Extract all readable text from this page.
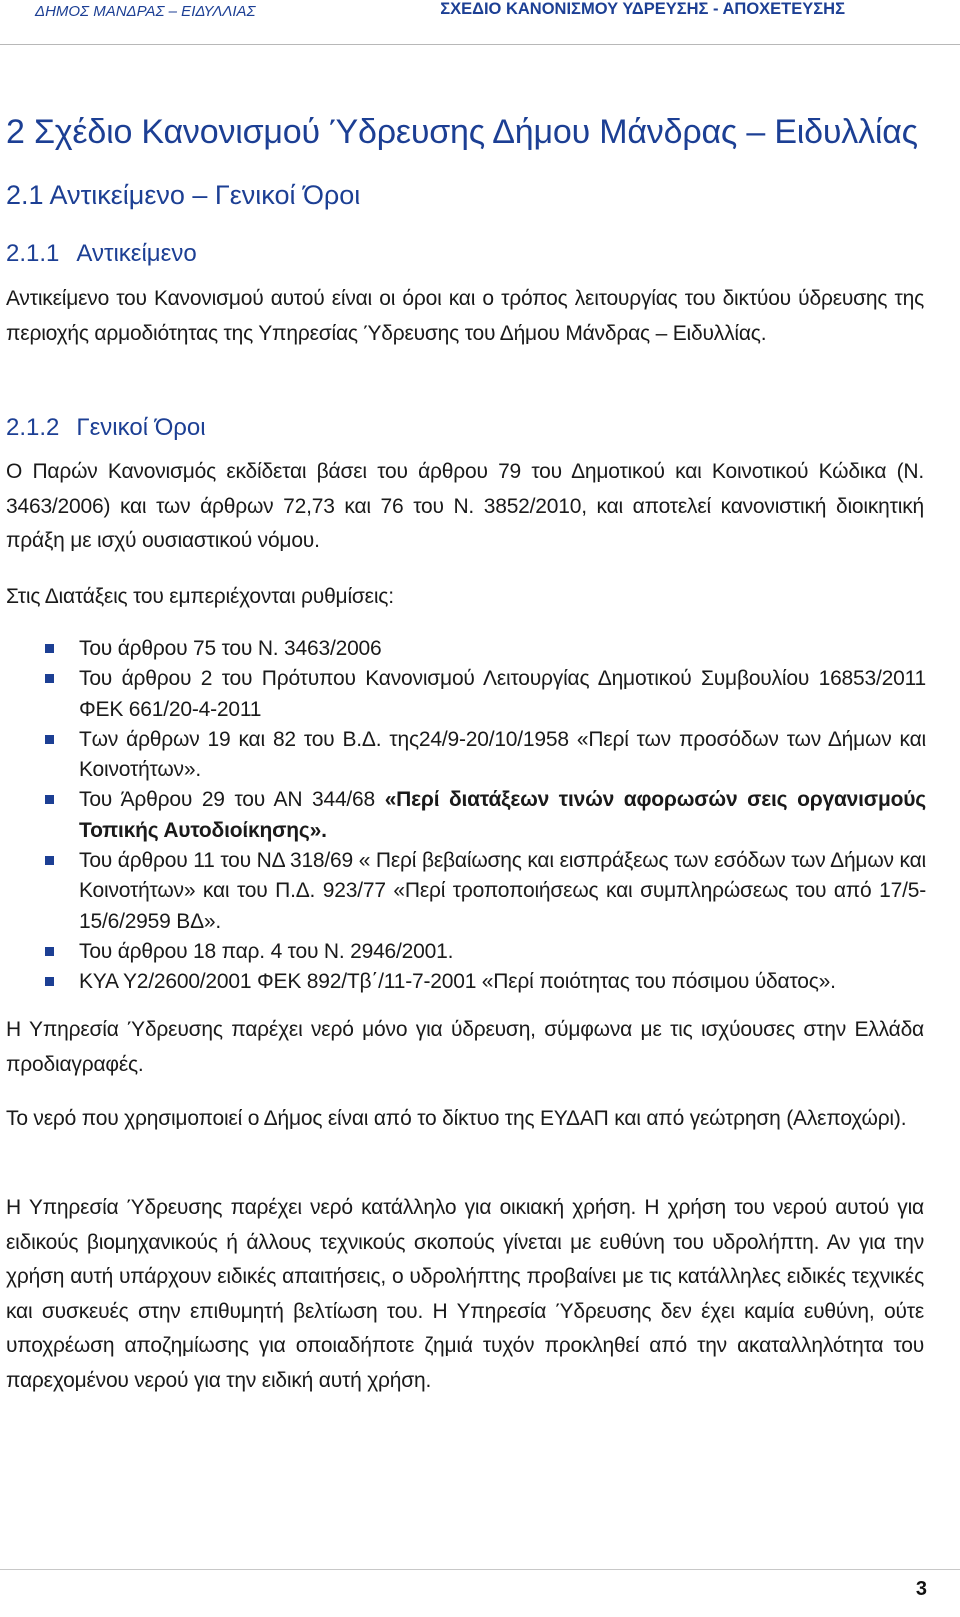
ΔΗΜΟΣ ΜΑΝΔΡΑΣ – ΕΙΔΥΛΛΙΑΣ	ΣΧΕΔΙΟ ΚΑΝΟΝΙΣΜΟΥ ΥΔΡΕΥΣΗΣ - ΑΠΟΧΕΤΕΥΣΗΣ
2 Σχέδιο Κανονισμού Ύδρευσης Δήμου Μάνδρας – Ειδυλλίας
2.1 Αντικείμενο – Γενικοί Όροι
2.1.1 Αντικείμενο
Αντικείμενο του Κανονισμού αυτού είναι οι όροι και ο τρόπος λειτουργίας του δικτύου ύδρευσης της περιοχής αρμοδιότητας της Υπηρεσίας Ύδρευσης του Δήμου Μάνδρας – Ειδυλλίας.
2.1.2 Γενικοί Όροι
Ο Παρών Κανονισμός εκδίδεται βάσει του άρθρου 79 του Δημοτικού και Κοινοτικού Κώδικα (Ν. 3463/2006) και των άρθρων 72,73 και 76 του Ν. 3852/2010, και αποτελεί κανονιστική διοικητική πράξη με ισχύ ουσιαστικού νόμου.
Στις Διατάξεις του εμπεριέχονται ρυθμίσεις:
Του άρθρου 75 του Ν. 3463/2006
Του άρθρου 2 του Πρότυπου Κανονισμού Λειτουργίας Δημοτικού Συμβουλίου 16853/2011 ΦΕΚ 661/20-4-2011
Των άρθρων 19 και 82 του Β.Δ. της24/9-20/10/1958 «Περί των προσόδων των Δήμων και Κοινοτήτων».
Του Άρθρου 29 του ΑΝ 344/68 «Περί διατάξεων τινών αφορωσών σεις οργανισμούς Τοπικής Αυτοδιοίκησης».
Του άρθρου 11 του ΝΔ 318/69 « Περί βεβαίωσης και εισπράξεως των εσόδων των Δήμων και Κοινοτήτων» και του Π.Δ. 923/77 «Περί τροποποιήσεως και συμπληρώσεως του από 17/5-15/6/2959 ΒΔ».
Του άρθρου 18 παρ. 4 του Ν. 2946/2001.
ΚΥΑ Υ2/2600/2001 ΦΕΚ 892/Τβ΄/11-7-2001 «Περί ποιότητας του πόσιμου ύδατος».
Η Υπηρεσία Ύδρευσης παρέχει νερό μόνο για ύδρευση, σύμφωνα με τις ισχύουσες στην Ελλάδα προδιαγραφές.
Το νερό που χρησιμοποιεί ο Δήμος είναι από το δίκτυο της ΕΥΔΑΠ και από γεώτρηση (Αλεποχώρι).
Η Υπηρεσία Ύδρευσης παρέχει νερό κατάλληλο για οικιακή χρήση. Η χρήση του νερού αυτού για ειδικούς βιομηχανικούς ή άλλους τεχνικούς σκοπούς γίνεται με ευθύνη του υδρολήπτη. Αν για την χρήση αυτή υπάρχουν ειδικές απαιτήσεις, ο υδρολήπτης προβαίνει με τις κατάλληλες ειδικές τεχνικές και συσκευές στην επιθυμητή βελτίωση του. Η Υπηρεσία Ύδρευσης δεν έχει καμία ευθύνη, ούτε υποχρέωση αποζημίωσης για οποιαδήποτε ζημιά τυχόν προκληθεί από την ακαταλληλότητα του παρεχομένου νερού για την ειδική αυτή χρήση.
3
